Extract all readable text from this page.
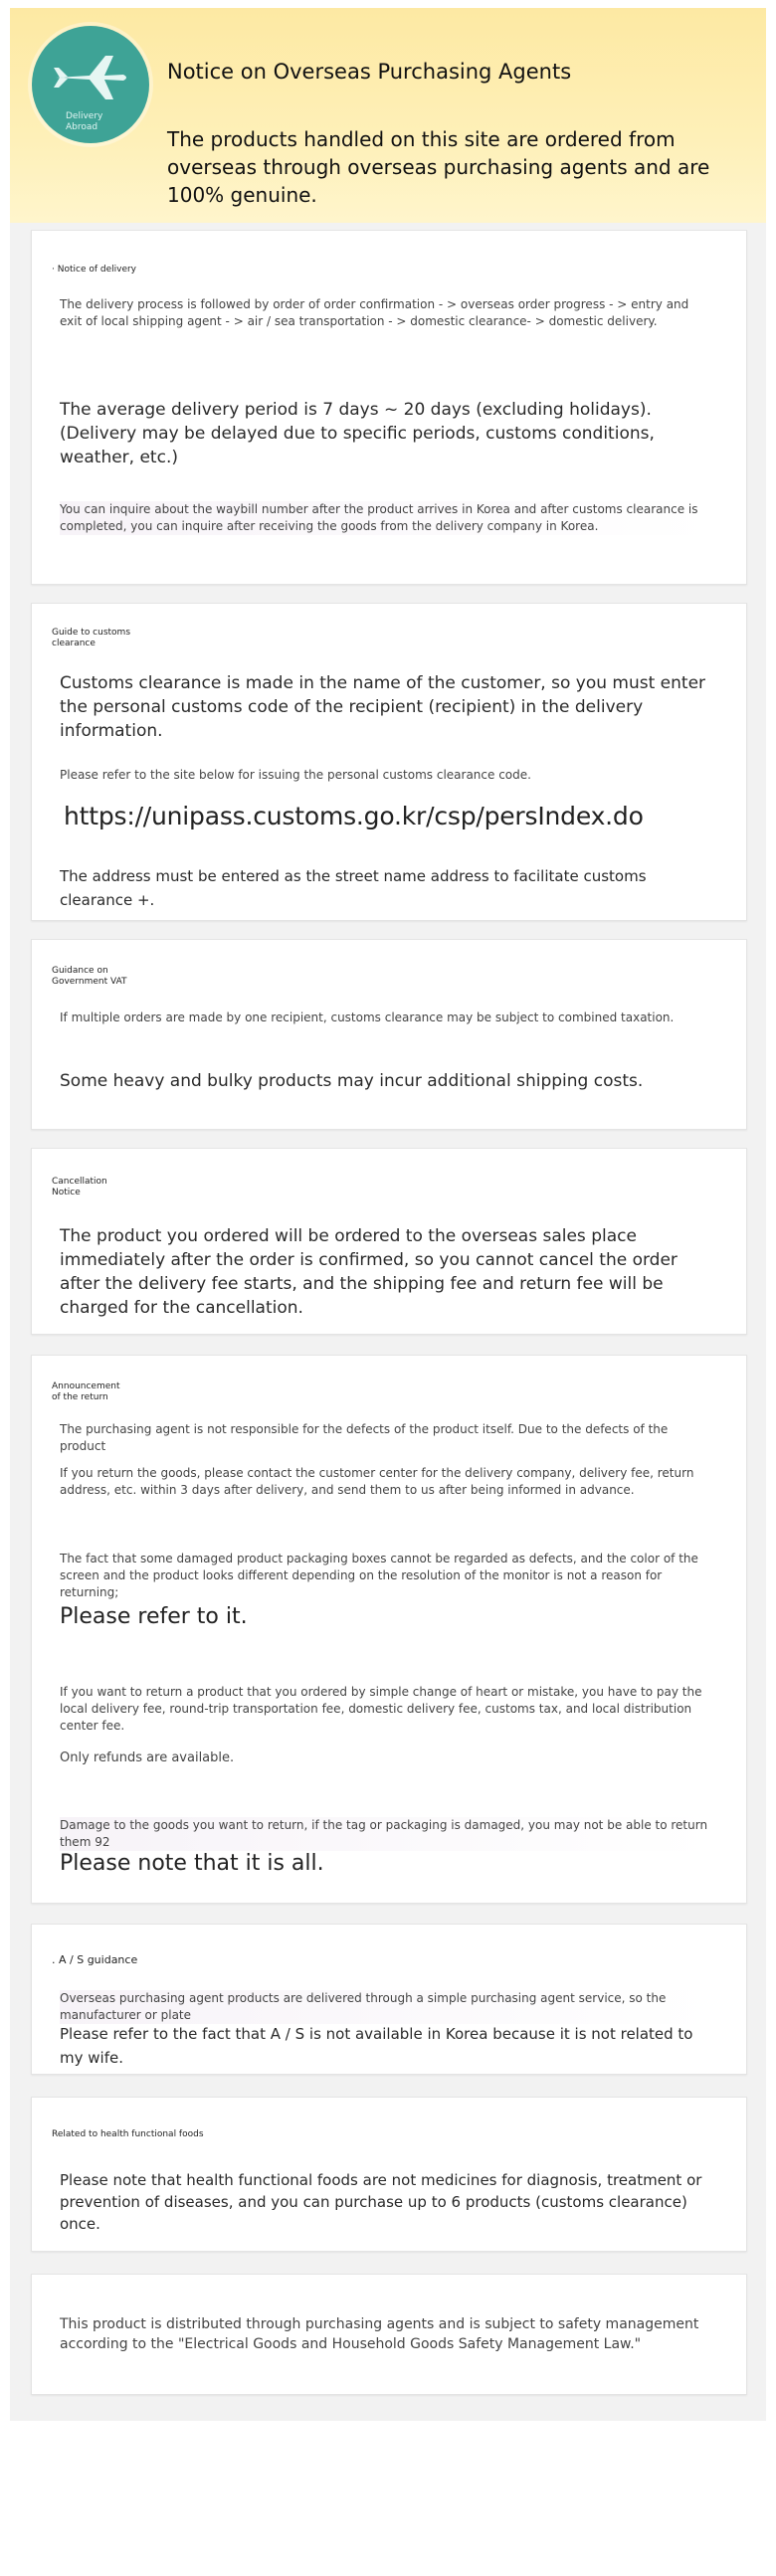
Delivery
Abroad
Notice on Overseas Purchasing Agents
The products handled on this site are ordered from overseas through overseas purchasing agents and are 100% genuine.
· Notice of delivery

The delivery process is followed by order of order confirmation - > overseas order progress - > entry and exit of local shipping agent - > air / sea transportation - > domestic clearance- > domestic delivery.

The average delivery period is 7 days ~ 20 days (excluding holidays). (Delivery may be delayed due to specific periods, customs conditions, weather, etc.)

You can inquire about the waybill number after the product arrives in Korea and after customs clearance is completed, you can inquire after receiving the goods from the delivery company in Korea.

Guide to customs
clearance

Customs clearance is made in the name of the customer, so you must enter the personal customs code of the recipient (recipient) in the delivery information.

Please refer to the site below for issuing the personal customs clearance code.

https://unipass.customs.go.kr/csp/persIndex.do

The address must be entered as the street name address to facilitate customs clearance +.

Guidance on
Government VAT

If multiple orders are made by one recipient, customs clearance may be subject to combined taxation.

Some heavy and bulky products may incur additional shipping costs.

Cancellation
Notice

The product you ordered will be ordered to the overseas sales place immediately after the order is confirmed, so you cannot cancel the order after the delivery fee starts, and the shipping fee and return fee will be charged for the cancellation.

Announcement
of the return

The purchasing agent is not responsible for the defects of the product itself. Due to the defects of the product

If you return the goods, please contact the customer center for the delivery company, delivery fee, return address, etc. within 3 days after delivery, and send them to us after being informed in advance.

The fact that some damaged product packaging boxes cannot be regarded as defects, and the color of the screen and the product looks different depending on the resolution of the monitor is not a reason for returning;

Please refer to it.

If you want to return a product that you ordered by simple change of heart or mistake, you have to pay the local delivery fee, round-trip transportation fee, domestic delivery fee, customs tax, and local distribution center fee.

Only refunds are available.

Damage to the goods you want to return, if the tag or packaging is damaged, you may not be able to return them 92

Please note that it is all.

. A / S guidance

Overseas purchasing agent products are delivered through a simple purchasing agent service, so the manufacturer or plate

Please refer to the fact that A / S is not available in Korea because it is not related to my wife.

Related to health functional foods

Please note that health functional foods are not medicines for diagnosis, treatment or prevention of diseases, and you can purchase up to 6 products (customs clearance) once.

This product is distributed through purchasing agents and is subject to safety management according to the "Electrical Goods and Household Goods Safety Management Law."
